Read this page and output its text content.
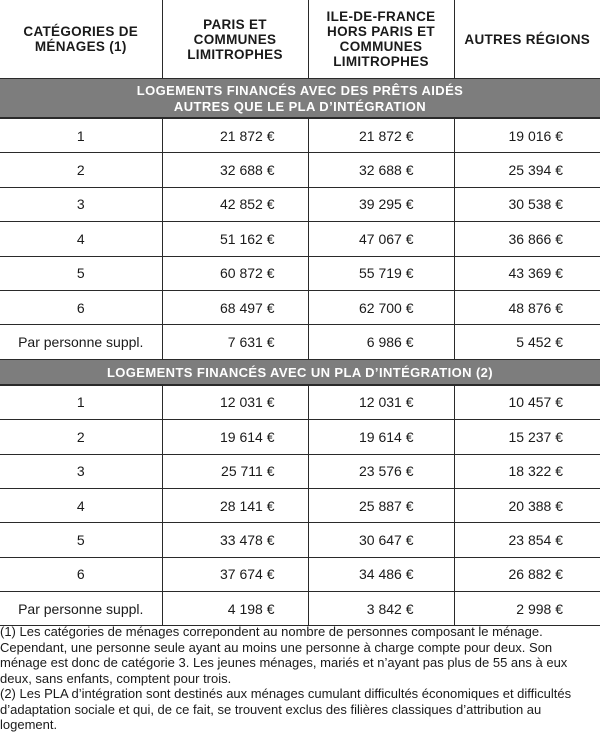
CATÉGORIES DE MÉNAGES (1)	PARIS ET COMMUNES LIMITROPHES	ILE-DE-FRANCE HORS PARIS ET COMMUNES LIMITROPHES	AUTRES RÉGIONS

LOGEMENTS FINANCÉS AVEC DES PRÊTS AIDÉS
AUTRES QUE LE PLA D’INTÉGRATION			

1	21 872 €	21 872 €	19 016 €
2	32 688 €	32 688 €	25 394 €
3	42 852 €	39 295 €	30 538 €
4	51 162 €	47 067 €	36 866 €
5	60 872 €	55 719 €	43 369 €
6	68 497 €	62 700 €	48 876 €
Par personne suppl.	7 631 €	6 986 €	5 452 €
LOGEMENTS FINANCÉS AVEC UN PLA D’INTÉGRATION (2)			
1	12 031 €	12 031 €	10 457 €
2	19 614 €	19 614 €	15 237 €
3	25 711 €	23 576 €	18 322 €
4	28 141 €	25 887 €	20 388 €
5	33 478 €	30 647 €	23 854 €
6	37 674 €	34 486 €	26 882 €
Par personne suppl.	4 198 €	3 842 €	2 998 €

(1) Les catégories de ménages correpondent au nombre de personnes composant le ménage. Cependant, une personne seule ayant au moins une personne à charge compte pour deux. Son ménage est donc de catégorie 3. Les jeunes ménages, mariés et n’ayant pas plus de 55 ans à eux deux, sans enfants, comptent pour trois.

(2) Les PLA d’intégration sont destinés aux ménages cumulant difficultés économiques et difficultés d’adaptation sociale et qui, de ce fait, se trouvent exclus des filières classiques d’attribution au logement.
